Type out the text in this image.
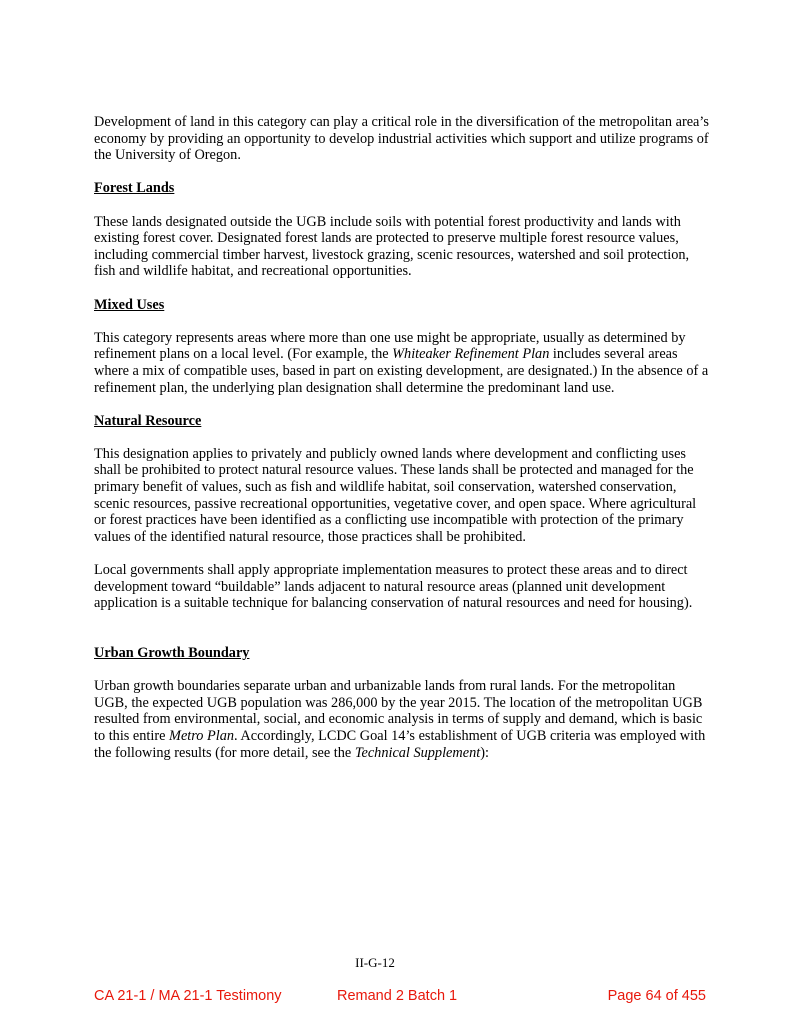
Development of land in this category can play a critical role in the diversification of the metropolitan area’s economy by providing an opportunity to develop industrial activities which support and utilize programs of the University of Oregon.

Forest Lands

These lands designated outside the UGB include soils with potential forest productivity and lands with existing forest cover. Designated forest lands are protected to preserve multiple forest resource values, including commercial timber harvest, livestock grazing, scenic resources, watershed and soil protection, fish and wildlife habitat, and recreational opportunities.

Mixed Uses

This category represents areas where more than one use might be appropriate, usually as determined by refinement plans on a local level. (For example, the Whiteaker Refinement Plan includes several areas where a mix of compatible uses, based in part on existing development, are designated.) In the absence of a refinement plan, the underlying plan designation shall determine the predominant land use.

Natural Resource

This designation applies to privately and publicly owned lands where development and conflicting uses shall be prohibited to protect natural resource values. These lands shall be protected and managed for the primary benefit of values, such as fish and wildlife habitat, soil conservation, watershed conservation, scenic resources, passive recreational opportunities, vegetative cover, and open space. Where agricultural or forest practices have been identified as a conflicting use incompatible with protection of the primary values of the identified natural resource, those practices shall be prohibited.

Local governments shall apply appropriate implementation measures to protect these areas and to direct development toward “buildable” lands adjacent to natural resource areas (planned unit development application is a suitable technique for balancing conservation of natural resources and need for housing).

Urban Growth Boundary

Urban growth boundaries separate urban and urbanizable lands from rural lands. For the metropolitan UGB, the expected UGB population was 286,000 by the year 2015. The location of the metropolitan UGB resulted from environmental, social, and economic analysis in terms of supply and demand, which is basic to this entire Metro Plan. Accordingly, LCDC Goal 14’s establishment of UGB criteria was employed with the following results (for more detail, see the Technical Supplement):

II-G-12
CA 21-1 / MA 21-1 Testimony	Remand 2 Batch 1	Page 64 of 455
